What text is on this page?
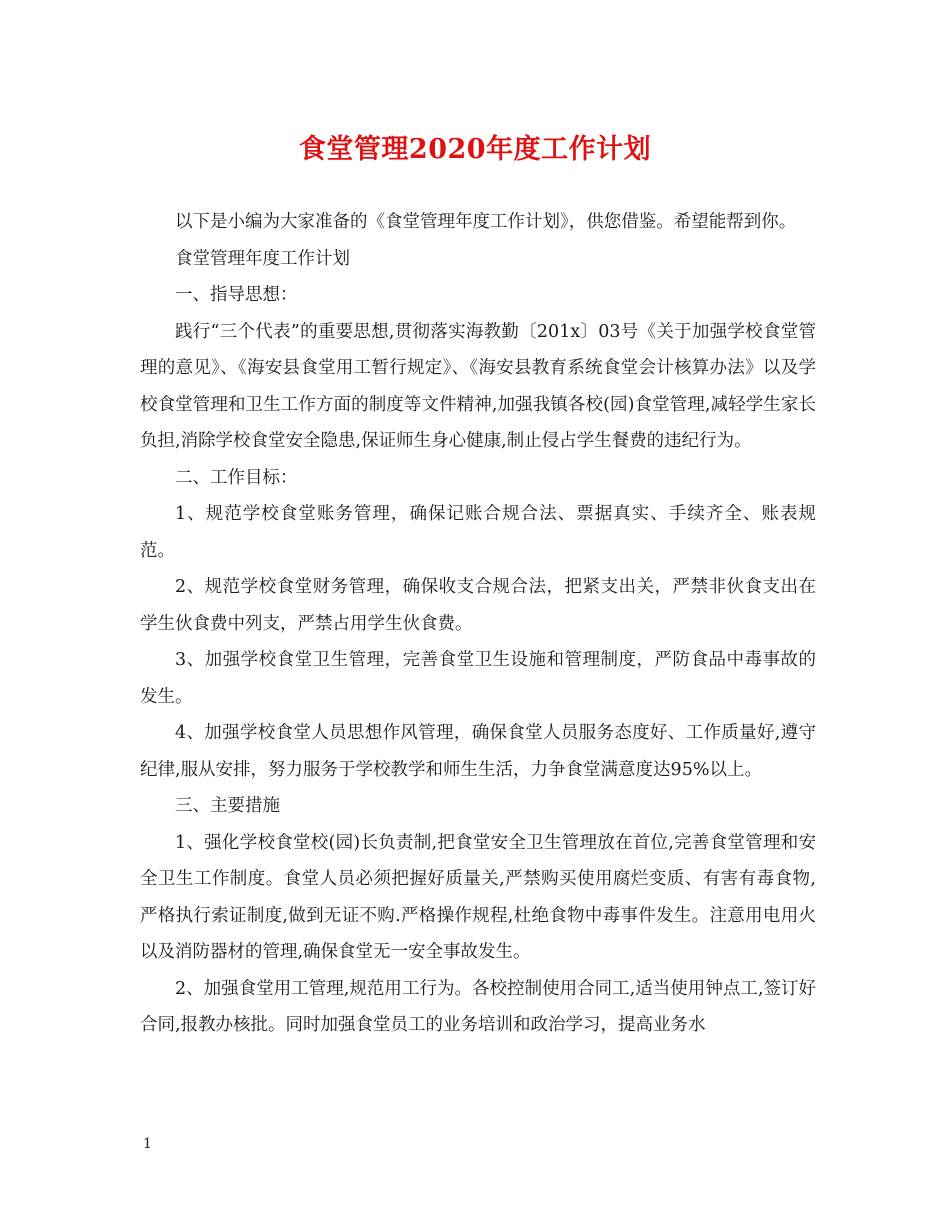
食堂管理2020年度工作计划

以下是小编为大家准备的《食堂管理年度工作计划》，供您借鉴。希望能帮到你。

食堂管理年度工作计划

一、指导思想：

践行“三个代表”的重要思想,贯彻落实海教勤〔201x〕03号《关于加强学校食堂管理的意见》、《海安县食堂用工暂行规定》、《海安县教育系统食堂会计核算办法》以及学校食堂管理和卫生工作方面的制度等文件精神,加强我镇各校(园)食堂管理,减轻学生家长负担,消除学校食堂安全隐患,保证师生身心健康,制止侵占学生餐费的违纪行为。

二、工作目标：

1、规范学校食堂账务管理，确保记账合规合法、票据真实、手续齐全、账表规范。

2、规范学校食堂财务管理，确保收支合规合法，把紧支出关，严禁非伙食支出在学生伙食费中列支，严禁占用学生伙食费。

3、加强学校食堂卫生管理，完善食堂卫生设施和管理制度，严防食品中毒事故的发生。

4、加强学校食堂人员思想作风管理，确保食堂人员服务态度好、工作质量好,遵守纪律,服从安排，努力服务于学校教学和师生生活，力争食堂满意度达95%以上。

三、主要措施

1、强化学校食堂校(园)长负责制,把食堂安全卫生管理放在首位,完善食堂管理和安全卫生工作制度。食堂人员必须把握好质量关,严禁购买使用腐烂变质、有害有毒食物,严格执行索证制度,做到无证不购.严格操作规程,杜绝食物中毒事件发生。注意用电用火以及消防器材的管理,确保食堂无一安全事故发生。

2、加强食堂用工管理,规范用工行为。各校控制使用合同工,适当使用钟点工,签订好合同,报教办核批。同时加强食堂员工的业务培训和政治学习，提高业务水

1
